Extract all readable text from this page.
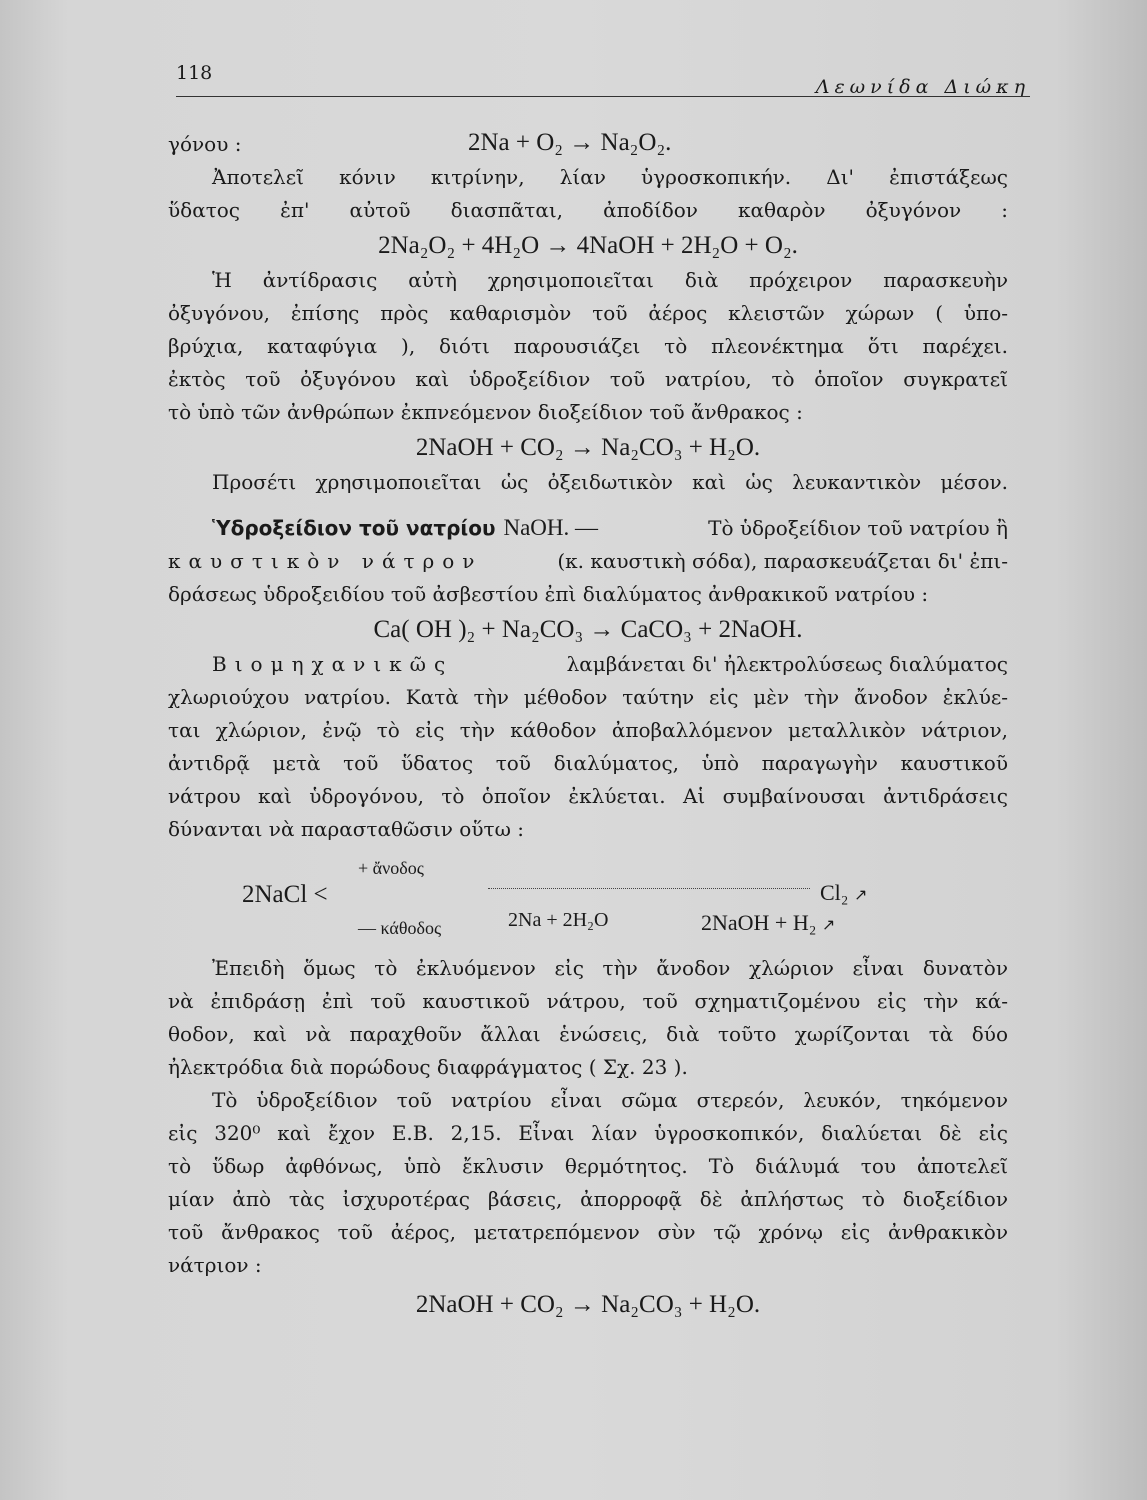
118
Λεωνίδα Διώκη
γόνου :	2Na + O₂ → Na₂O₂.
Ἀποτελεῖ κόνιν κιτρίνην, λίαν ὑγροσκοπικήν. Δι' ἐπιστάξεως
ὕδατος ἐπ' αὐτοῦ διασπᾶται, ἀποδίδον καθαρὸν ὀξυγόνον :
2Na₂O₂ + 4H₂O → 4NaOH + 2H₂O + O₂.
Ἡ ἀντίδρασις αὐτὴ χρησιμοποιεῖται διὰ πρόχειρον παρασκευὴν
ὀξυγόνου, ἐπίσης πρὸς καθαρισμὸν τοῦ ἀέρος κλειστῶν χώρων ( ὑπο-
βρύχια, καταφύγια ), διότι παρουσιάζει τὸ πλεονέκτημα ὅτι παρέχει.
ἐκτὸς τοῦ ὀξυγόνου καὶ ὑδροξείδιον τοῦ νατρίου, τὸ ὁποῖον συγκρατεῖ
τὸ ὑπὸ τῶν ἀνθρώπων ἐκπνεόμενον διοξείδιον τοῦ ἄνθρακος :
2NaOH + CO₂ → Na₂CO₃ + H₂O.
Προσέτι χρησιμοποιεῖται ὡς ὀξειδωτικὸν καὶ ὡς λευκαντικὸν μέσον.
Ὑδροξείδιον τοῦ νατρίου NaOH. —	Τὸ ὑδροξείδιον τοῦ νατρίου ἢ
καυστικὸν νάτρον	(κ. καυστικὴ σόδα), παρασκευάζεται δι' ἐπι-
δράσεως ὑδροξειδίου τοῦ ἀσβεστίου ἐπὶ διαλύματος ἀνθρακικοῦ νατρίου :
Ca( OH )₂ + Na₂CO₃ → CaCO₃ + 2NaOH.
Βιομηχανικῶς	λαμβάνεται δι' ἠλεκτρολύσεως διαλύματος
χλωριούχου νατρίου. Κατὰ τὴν μέθοδον ταύτην εἰς μὲν τὴν ἄνοδον ἐκλύε-
ται χλώριον, ἐνῷ τὸ εἰς τὴν κάθοδον ἀποβαλλόμενον μεταλλικὸν νάτριον,
ἀντιδρᾷ μετὰ τοῦ ὕδατος τοῦ διαλύματος, ὑπὸ παραγωγὴν καυστικοῦ
νάτρου καὶ ὑδρογόνου, τὸ ὁποῖον ἐκλύεται. Αἱ συμβαίνουσαι ἀντιδράσεις
δύνανται νὰ παρασταθῶσιν οὕτω :
2NaCl <
+ ἄνοδος
— κάθοδος
Cl₂ ↗
2Na + 2H₂O	2NaOH + H₂ ↗
Ἐπειδὴ ὅμως τὸ ἐκλυόμενον εἰς τὴν ἄνοδον χλώριον εἶναι δυνατὸν
νὰ ἐπιδράσῃ ἐπὶ τοῦ καυστικοῦ νάτρου, τοῦ σχηματιζομένου εἰς τὴν κά-
θοδον, καὶ νὰ παραχθοῦν ἄλλαι ἑνώσεις, διὰ τοῦτο χωρίζονται τὰ δύο
ἠλεκτρόδια διὰ πορώδους διαφράγματος ( Σχ. 23 ).
Τὸ ὑδροξείδιον τοῦ νατρίου εἶναι σῶμα στερεόν, λευκόν, τηκόμενον
εἰς 320⁰ καὶ ἔχον Ε.Β. 2,15. Εἶναι λίαν ὑγροσκοπικόν, διαλύεται δὲ εἰς
τὸ ὕδωρ ἀφθόνως, ὑπὸ ἔκλυσιν θερμότητος. Τὸ διάλυμά του ἀποτελεῖ
μίαν ἀπὸ τὰς ἰσχυροτέρας βάσεις, ἀπορροφᾷ δὲ ἀπλήστως τὸ διοξείδιον
τοῦ ἄνθρακος τοῦ ἀέρος, μετατρεπόμενον σὺν τῷ χρόνῳ εἰς ἀνθρακικὸν
νάτριον :
2NaOH + CO₂ → Na₂CO₃ + H₂O.
